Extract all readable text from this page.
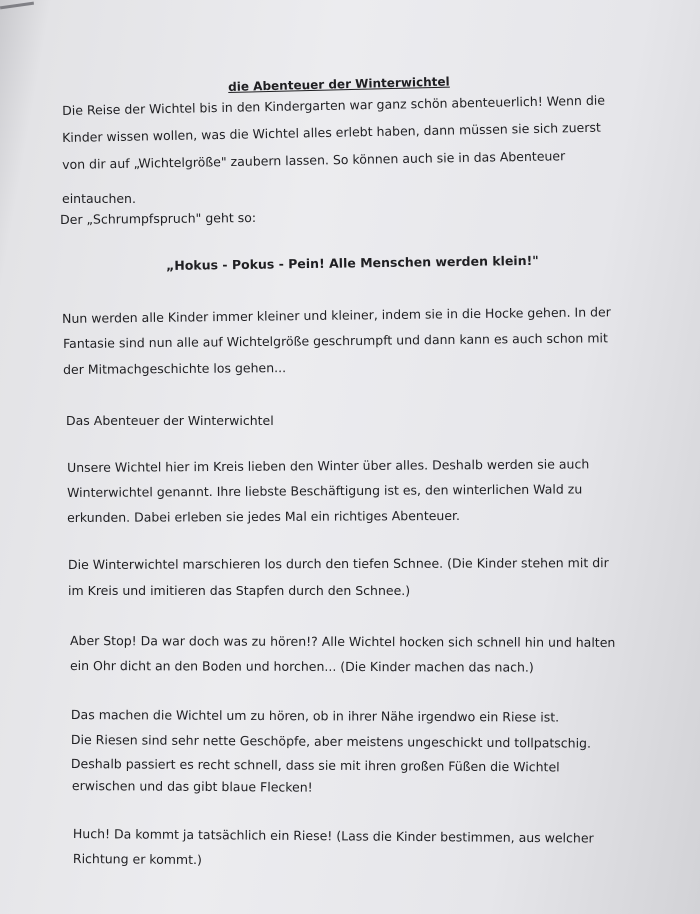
die Abenteuer der Winterwichtel
Die Reise der Wichtel bis in den Kindergarten war ganz schön abenteuerlich! Wenn die
Kinder wissen wollen, was die Wichtel alles erlebt haben, dann müssen sie sich zuerst
von dir auf „Wichtelgröße" zaubern lassen. So können auch sie in das Abenteuer
eintauchen.
Der „Schrumpfspruch" geht so:
„Hokus - Pokus - Pein! Alle Menschen werden klein!"
Nun werden alle Kinder immer kleiner und kleiner, indem sie in die Hocke gehen. In der
Fantasie sind nun alle auf Wichtelgröße geschrumpft und dann kann es auch schon mit
der Mitmachgeschichte los gehen...
Das Abenteuer der Winterwichtel
Unsere Wichtel hier im Kreis lieben den Winter über alles. Deshalb werden sie auch
Winterwichtel genannt. Ihre liebste Beschäftigung ist es, den winterlichen Wald zu
erkunden. Dabei erleben sie jedes Mal ein richtiges Abenteuer.
Die Winterwichtel marschieren los durch den tiefen Schnee. (Die Kinder stehen mit dir
im Kreis und imitieren das Stapfen durch den Schnee.)
Aber Stop! Da war doch was zu hören!? Alle Wichtel hocken sich schnell hin und halten
ein Ohr dicht an den Boden und horchen... (Die Kinder machen das nach.)
Das machen die Wichtel um zu hören, ob in ihrer Nähe irgendwo ein Riese ist.
Die Riesen sind sehr nette Geschöpfe, aber meistens ungeschickt und tollpatschig.
Deshalb passiert es recht schnell, dass sie mit ihren großen Füßen die Wichtel
erwischen und das gibt blaue Flecken!
Huch! Da kommt ja tatsächlich ein Riese! (Lass die Kinder bestimmen, aus welcher
Richtung er kommt.)
